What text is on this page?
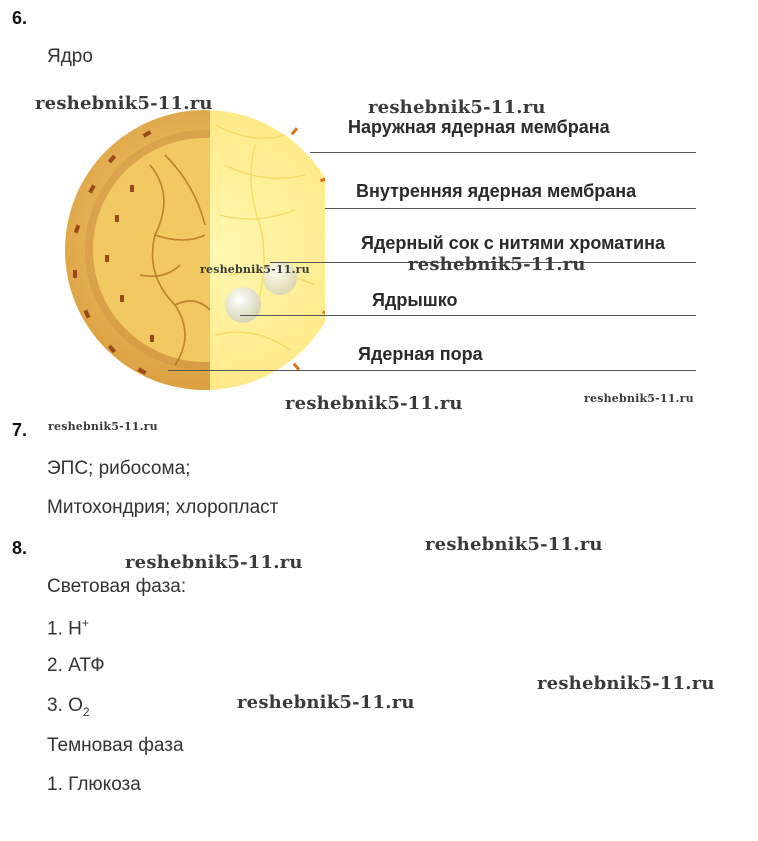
6.
Ядро
Наружная ядерная мембрана
Внутренняя ядерная мембрана
Ядерный сок с нитями хроматина
Ядрышко
Ядерная пора
7.
ЭПС; рибосома;
Митохондрия; хлоропласт
8.
Световая фаза:
1. H+
2. АТФ
3. $O_2$
Темновая фаза
1. Глюкоза
reshebnik5-11.ru	reshebnik5-11.ru
reshebnik5-11.ru	reshebnik5-11.ru
reshebnik5-11.ru	reshebnik5-11.ru
reshebnik5-11.ru
reshebnik5-11.ru
reshebnik5-11.ru
reshebnik5-11.ru
reshebnik5-11.ru
